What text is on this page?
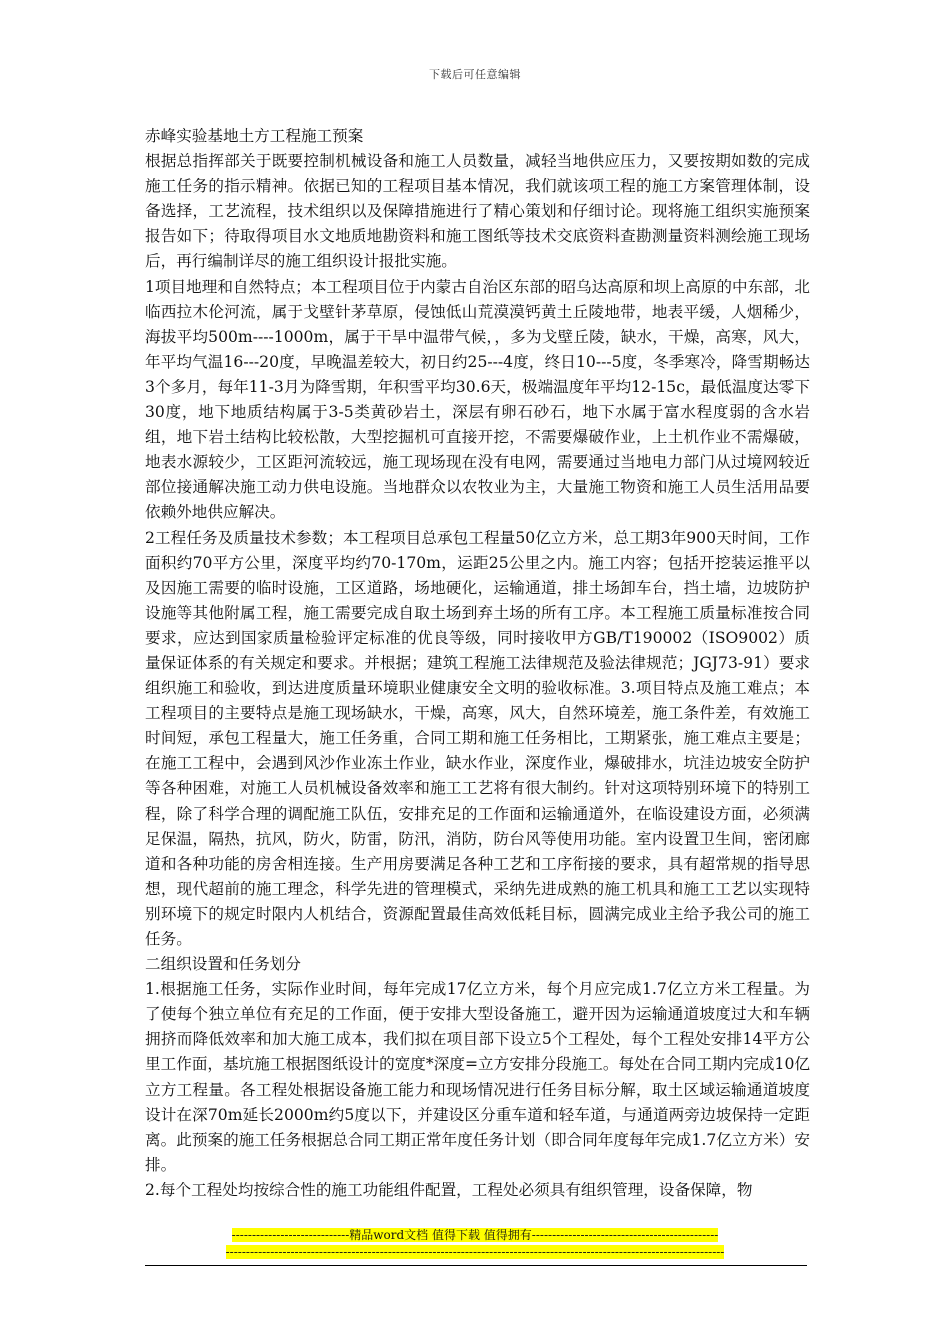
下载后可任意编辑

赤峰实验基地土方工程施工预案

根据总指挥部关于既要控制机械设备和施工人员数量，减轻当地供应压力，又要按期如数的完成施工任务的指示精神。依据已知的工程项目基本情况，我们就该项工程的施工方案管理体制，设备选择，工艺流程，技术组织以及保障措施进行了精心策划和仔细讨论。现将施工组织实施预案报告如下；待取得项目水文地质地勘资料和施工图纸等技术交底资料查勘测量资料测绘施工现场后，再行编制详尽的施工组织设计报批实施。

1项目地理和自然特点；本工程项目位于内蒙古自治区东部的昭乌达高原和坝上高原的中东部，北临西拉木伦河流，属于戈壁针茅草原，侵蚀低山荒漠漠钙黄土丘陵地带，地表平缓，人烟稀少，海拔平均500m----1000m，属于干旱中温带气候，，多为戈壁丘陵，缺水，干燥，高寒，风大，年平均气温16---20度，早晚温差较大，初日约25---4度，终日10---5度，冬季寒冷，降雪期畅达3个多月，每年11-3月为降雪期，年积雪平均30.6天，极端温度年平均12-15c，最低温度达零下30度，地下地质结构属于3-5类黄砂岩土，深层有卵石砂石，地下水属于富水程度弱的含水岩组，地下岩土结构比较松散，大型挖掘机可直接开挖，不需要爆破作业，上土机作业不需爆破，地表水源较少，工区距河流较远，施工现场现在没有电网，需要通过当地电力部门从过境网较近部位接通解决施工动力供电设施。当地群众以农牧业为主，大量施工物资和施工人员生活用品要依赖外地供应解决。

2工程任务及质量技术参数；本工程项目总承包工程量50亿立方米，总工期3年900天时间，工作面积约70平方公里，深度平均约70-170m，运距25公里之内。施工内容；包括开挖装运推平以及因施工需要的临时设施，工区道路，场地硬化，运输通道，排土场卸车台，挡土墙，边坡防护设施等其他附属工程，施工需要完成自取土场到弃土场的所有工序。本工程施工质量标准按合同要求，应达到国家质量检验评定标准的优良等级，同时接收甲方GB/T190002（ISO9002）质量保证体系的有关规定和要求。并根据；建筑工程施工法律规范及验法律规范；JGJ73-91）要求组织施工和验收，到达进度质量环境职业健康安全文明的验收标准。3.项目特点及施工难点；本工程项目的主要特点是施工现场缺水，干燥，高寒，风大，自然环境差，施工条件差，有效施工时间短，承包工程量大，施工任务重，合同工期和施工任务相比，工期紧张，施工难点主要是；在施工工程中，会遇到风沙作业冻土作业，缺水作业，深度作业，爆破排水，坑洼边坡安全防护等各种困难，对施工人员机械设备效率和施工工艺将有很大制约。针对这项特别环境下的特别工程，除了科学合理的调配施工队伍，安排充足的工作面和运输通道外，在临设建设方面，必须满足保温，隔热，抗风，防火，防雷，防汛，消防，防台风等使用功能。室内设置卫生间，密闭廊道和各种功能的房舍相连接。生产用房要满足各种工艺和工序衔接的要求，具有超常规的指导思想，现代超前的施工理念，科学先进的管理模式，采纳先进成熟的施工机具和施工工艺以实现特别环境下的规定时限内人机结合，资源配置最佳高效低耗目标，圆满完成业主给予我公司的施工任务。

二组织设置和任务划分

1.根据施工任务，实际作业时间，每年完成17亿立方米，每个月应完成1.7亿立方米工程量。为了使每个独立单位有充足的工作面，便于安排大型设备施工，避开因为运输通道坡度过大和车辆拥挤而降低效率和加大施工成本，我们拟在项目部下设立5个工程处，每个工程处安排14平方公里工作面，基坑施工根据图纸设计的宽度*深度=立方安排分段施工。每处在合同工期内完成10亿立方工程量。各工程处根据设备施工能力和现场情况进行任务目标分解，取土区域运输通道坡度设计在深70m延长2000m约5度以下，并建设区分重车道和轻车道，与通道两旁边坡保持一定距离。此预案的施工任务根据总合同工期正常年度任务计划（即合同年度每年完成1.7亿立方米）安排。

2.每个工程处均按综合性的施工功能组件配置，工程处必须具有组织管理，设备保障，物

-----------------------------精品word文档 值得下载 值得拥有----------------------------------------------
---------------------------------------------------------------------------------------------------------------------------
